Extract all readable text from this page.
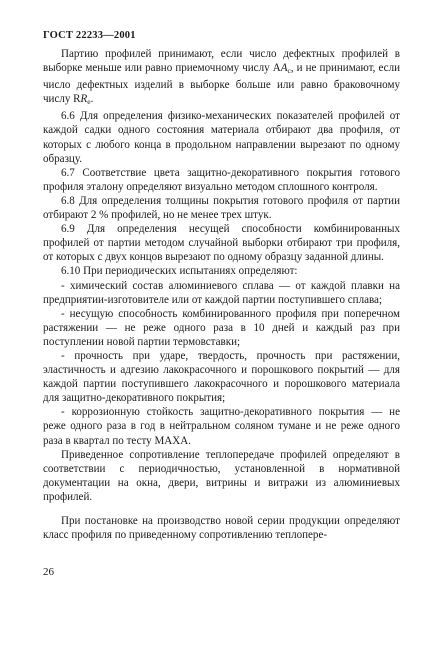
ГОСТ 22233—2001

Партию профилей принимают, если число дефектных профилей в выборке меньше или равно приемочному числу $AA_c$, и не принимают, если число дефектных изделий в выборке больше или равно браковочному числу $RR_e$.

6.6 Для определения физико-механических показателей профилей от каждой садки одного состояния материала отбирают два профиля, от которых с любого конца в продольном направлении вырезают по одному образцу.

6.7 Соответствие цвета защитно-декоративного покрытия готового профиля эталону определяют визуально методом сплошного контроля.

6.8 Для определения толщины покрытия готового профиля от партии отбирают 2 % профилей, но не менее трех штук.

6.9 Для определения несущей способности комбинированных профилей от партии методом случайной выборки отбирают три профиля, от которых с двух концов вырезают по одному образцу заданной длины.

6.10 При периодических испытаниях определяют:

- химический состав алюминиевого сплава — от каждой плавки на предприятии-изготовителе или от каждой партии поступившего сплава;

- несущую способность комбинированного профиля при поперечном растяжении — не реже одного раза в 10 дней и каждый раз при поступлении новой партии термовставки;

- прочность при ударе, твердость, прочность при растяжении, эластичность и адгезию лакокрасочного и порошкового покрытий — для каждой партии поступившего лакокрасочного и порошкового материала для защитно-декоративного покрытия;

- коррозионную стойкость защитно-декоративного покрытия — не реже одного раза в год в нейтральном соляном тумане и не реже одного раза в квартал по тесту MAXA.

Приведенное сопротивление теплопередаче профилей определяют в соответствии с периодичностью, установленной в нормативной документации на окна, двери, витрины и витражи из алюминиевых профилей.

При постановке на производство новой серии продукции определяют класс профиля по приведенному сопротивлению теплопере-

26
